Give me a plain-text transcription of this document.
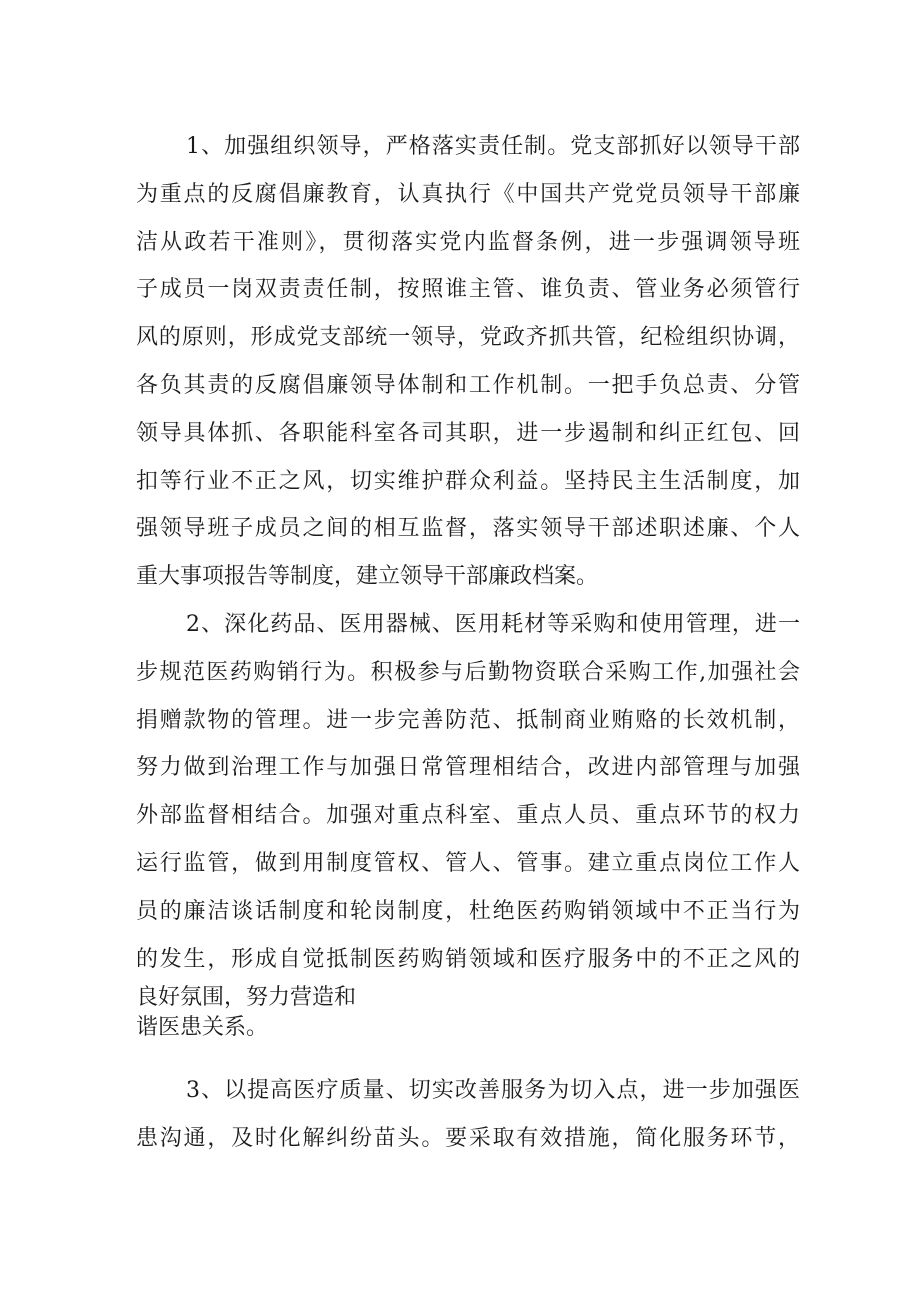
1、加强组织领导，严格落实责任制。党支部抓好以领导干部
为重点的反腐倡廉教育，认真执行《中国共产党党员领导干部廉
洁从政若干准则》，贯彻落实党内监督条例，进一步强调领导班
子成员一岗双责责任制，按照谁主管、谁负责、管业务必须管行
风的原则，形成党支部统一领导，党政齐抓共管，纪检组织协调，
各负其责的反腐倡廉领导体制和工作机制。一把手负总责、分管
领导具体抓、各职能科室各司其职，进一步遏制和纠正红包、回
扣等行业不正之风，切实维护群众利益。坚持民主生活制度，加
强领导班子成员之间的相互监督，落实领导干部述职述廉、个人
重大事项报告等制度，建立领导干部廉政档案。
2、深化药品、医用器械、医用耗材等采购和使用管理，进一
步规范医药购销行为。积极参与后勤物资联合采购工作,加强社会
捐赠款物的管理。进一步完善防范、抵制商业贿赂的长效机制，
努力做到治理工作与加强日常管理相结合，改进内部管理与加强
外部监督相结合。加强对重点科室、重点人员、重点环节的权力
运行监管，做到用制度管权、管人、管事。建立重点岗位工作人
员的廉洁谈话制度和轮岗制度，杜绝医药购销领域中不正当行为
的发生，形成自觉抵制医药购销领域和医疗服务中的不正之风的
良好氛围，努力营造和
谐医患关系。
3、以提高医疗质量、切实改善服务为切入点，进一步加强医
患沟通，及时化解纠纷苗头。要采取有效措施，简化服务环节，
